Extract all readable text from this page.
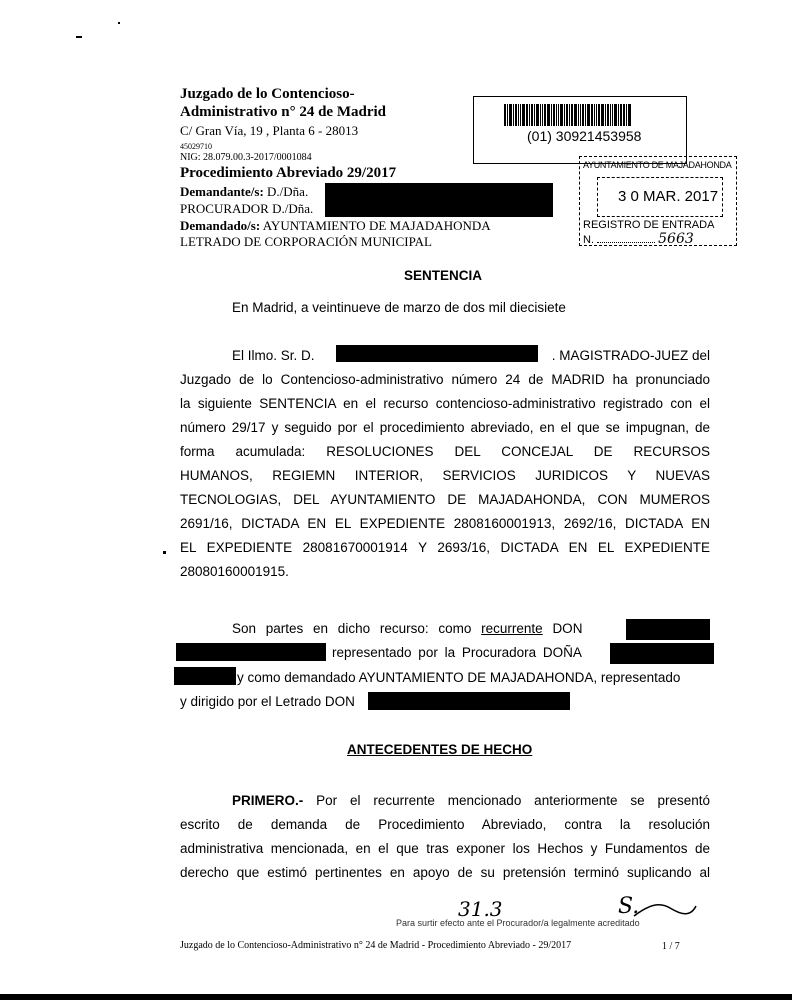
Juzgado de lo Contencioso-
Administrativo n° 24 de Madrid
C/ Gran Vía, 19 , Planta 6 - 28013
45029710
NIG: 28.079.00.3-2017/0001084
Procedimiento Abreviado 29/2017
Demandante/s: D./Dña.
PROCURADOR D./Dña.
Demandado/s: AYUNTAMIENTO DE MAJADAHONDA
LETRADO DE CORPORACIÓN MUNICIPAL
(01) 30921453958
AYUNTAMIENTO DE MAJADAHONDA
3 0 MAR. 2017
REGISTRO DE ENTRADA
N.	5663
SENTENCIA
En Madrid, a veintinueve de marzo de dos mil diecisiete
El Ilmo. Sr. D.	. MAGISTRADO-JUEZ del
Juzgado de lo Contencioso-administrativo número 24 de MADRID ha pronunciado
la siguiente SENTENCIA en el recurso contencioso-administrativo registrado con el
número 29/17 y seguido por el procedimiento abreviado, en el que se impugnan, de
forma acumulada: RESOLUCIONES DEL CONCEJAL DE RECURSOS
HUMANOS, REGIEMN INTERIOR, SERVICIOS JURIDICOS Y NUEVAS
TECNOLOGIAS, DEL AYUNTAMIENTO DE MAJADAHONDA, CON MUMEROS
2691/16, DICTADA EN EL EXPEDIENTE 2808160001913, 2692/16, DICTADA EN
EL EXPEDIENTE 28081670001914 Y 2693/16, DICTADA EN EL EXPEDIENTE
28080160001915.
Son partes en dicho recurso: como recurrente DON
representado por la Procuradora DOÑA
y como demandado AYUNTAMIENTO DE MAJADAHONDA, representado
y dirigido por el Letrado DON
ANTECEDENTES DE HECHO
PRIMERO.- Por el recurrente mencionado anteriormente se presentó
escrito de demanda de Procedimiento Abreviado, contra la resolución
administrativa mencionada, en el que tras exponer los Hechos y Fundamentos de
derecho que estimó pertinentes en apoyo de su pretensión terminó suplicando al
Para surtir efecto ante el Procurador/a legalmente acreditado
31.3	S.
Juzgado de lo Contencioso-Administrativo n° 24 de Madrid - Procedimiento Abreviado - 29/2017	1 / 7
